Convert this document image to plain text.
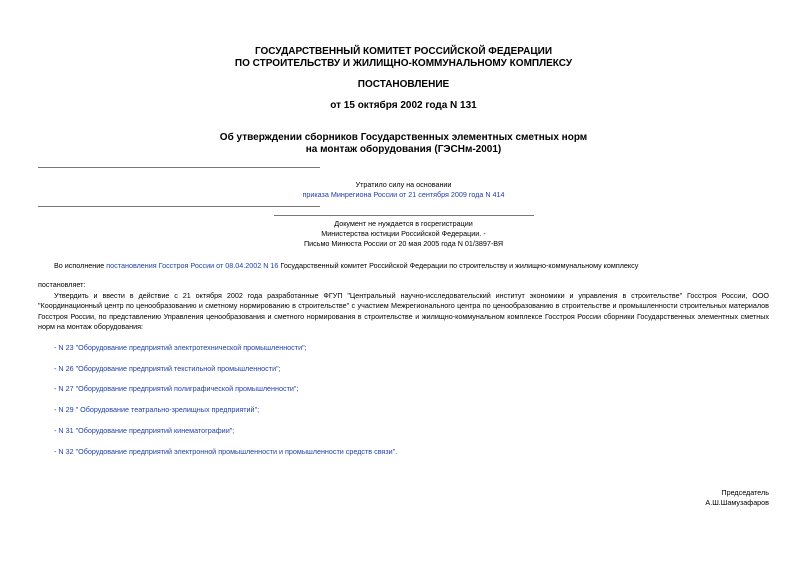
ГОСУДАРСТВЕННЫЙ КОМИТЕТ РОССИЙСКОЙ ФЕДЕРАЦИИ
ПО СТРОИТЕЛЬСТВУ И ЖИЛИЩНО-КОММУНАЛЬНОМУ КОМПЛЕКСУ
ПОСТАНОВЛЕНИЕ
от 15 октября 2002 года N 131
Об утверждении сборников Государственных элементных сметных норм
на монтаж оборудования (ГЭСНм-2001)
Утратило силу на основании
приказа Минрегиона России от 21 сентября 2009 года N 414
Документ не нуждается в госрегистрации
Министерства юстиции Российской Федерации. -
Письмо Минюста России от 20 мая 2005 года N 01/3897-ВЯ
Во исполнение постановления Госстроя России от 08.04.2002 N 16 Государственный комитет Российской Федерации по строительству и жилищно-коммунальному комплексу
постановляет:
Утвердить и ввести в действие с 21 октября 2002 года разработанные ФГУП "Центральный научно-исследовательский институт экономики и управления в строительстве" Госстроя России, ООО "Координационный центр по ценообразованию и сметному нормированию в строительстве" с участием Межрегионального центра по ценообразованию в строительстве и промышленности строительных материалов Госстроя России, по представлению Управления ценообразования и сметного нормирования в строительстве и жилищно-коммунальном комплексе Госстроя России сборники Государственных элементных сметных норм на монтаж оборудования:
- N 23 "Оборудование предприятий электротехнической промышленности";
- N 26 "Оборудование предприятий текстильной промышленности";
- N 27 "Оборудование предприятий полиграфической промышленности";
- N 29 " Оборудование театрально-зрелищных предприятий";
- N 31 "Оборудование предприятий кинематографии";
- N 32 "Оборудование предприятий электронной промышленности и промышленности средств связи".
Председатель
А.Ш.Шамузафаров
